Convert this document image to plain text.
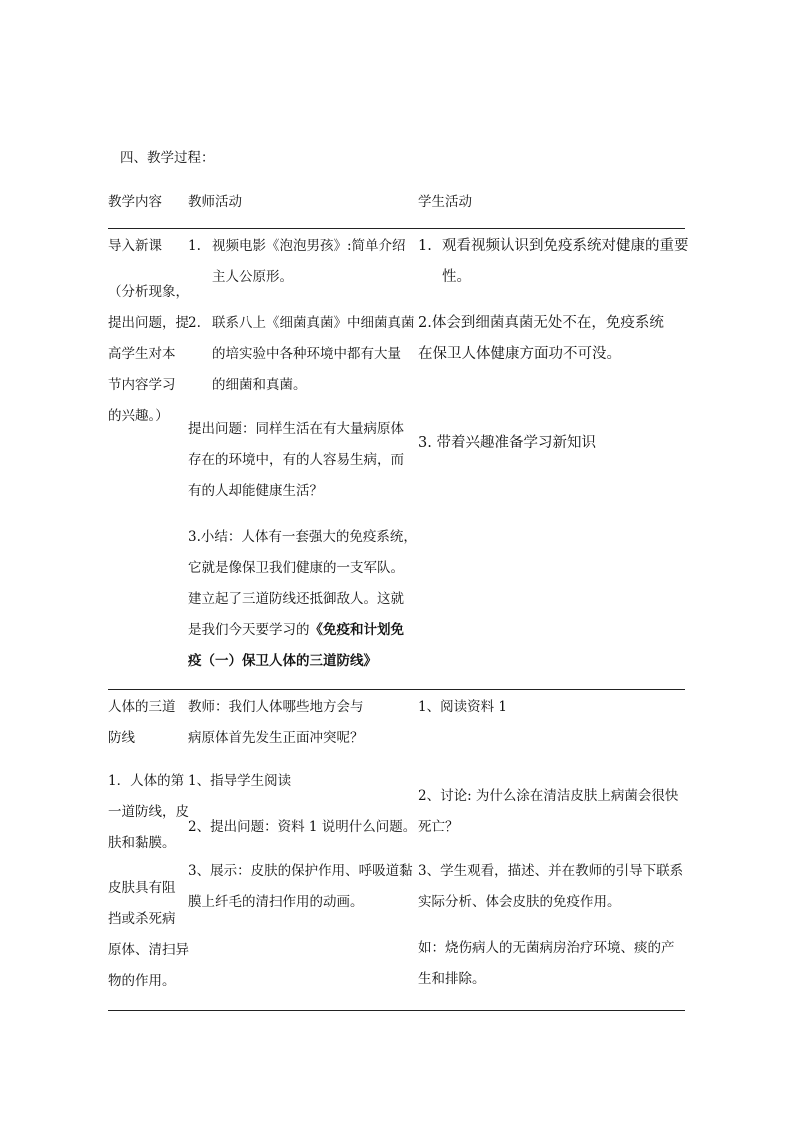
四、教学过程：
教学内容 教师活动	学生活动
导入新课
（分析现象，
提出问题，提
高学生对本
节内容学习
的兴趣。）
1. 视频电影《泡泡男孩》:简单介绍
主人公原形。
2. 联系八上《细菌真菌》中细菌真菌
的培实验中各种环境中都有大量
的细菌和真菌。
提出问题：同样生活在有大量病原体
存在的环境中，有的人容易生病，而
有的人却能健康生活？
3.小结：人体有一套强大的免疫系统，
它就是像保卫我们健康的一支军队。
建立起了三道防线还抵御敌人。这就
是我们今天要学习的《免疫和计划免
疫（一）保卫人体的三道防线》
1. 观看视频认识到免疫系统对健康的重要
性。
2.体会到细菌真菌无处不在，免疫系统
在保卫人体健康方面功不可没。
3. 带着兴趣准备学习新知识
人体的三道
防线
1．人体的第
一道防线，皮
肤和黏膜。
皮肤具有阻
挡或杀死病
原体、清扫异
物的作用。
教师：我们人体哪些地方会与
病原体首先发生正面冲突呢？
1、指导学生阅读
2、提出问题：资料 1 说明什么问题。
3、展示：皮肤的保护作用、呼吸道黏
膜上纤毛的清扫作用的动画。
1、阅读资料 1
2、讨论: 为什么涂在清洁皮肤上病菌会很快
死亡？
3、学生观看，描述、并在教师的引导下联系
实际分析、体会皮肤的免疫作用。
如：烧伤病人的无菌病房治疗环境、痰的产
生和排除。
